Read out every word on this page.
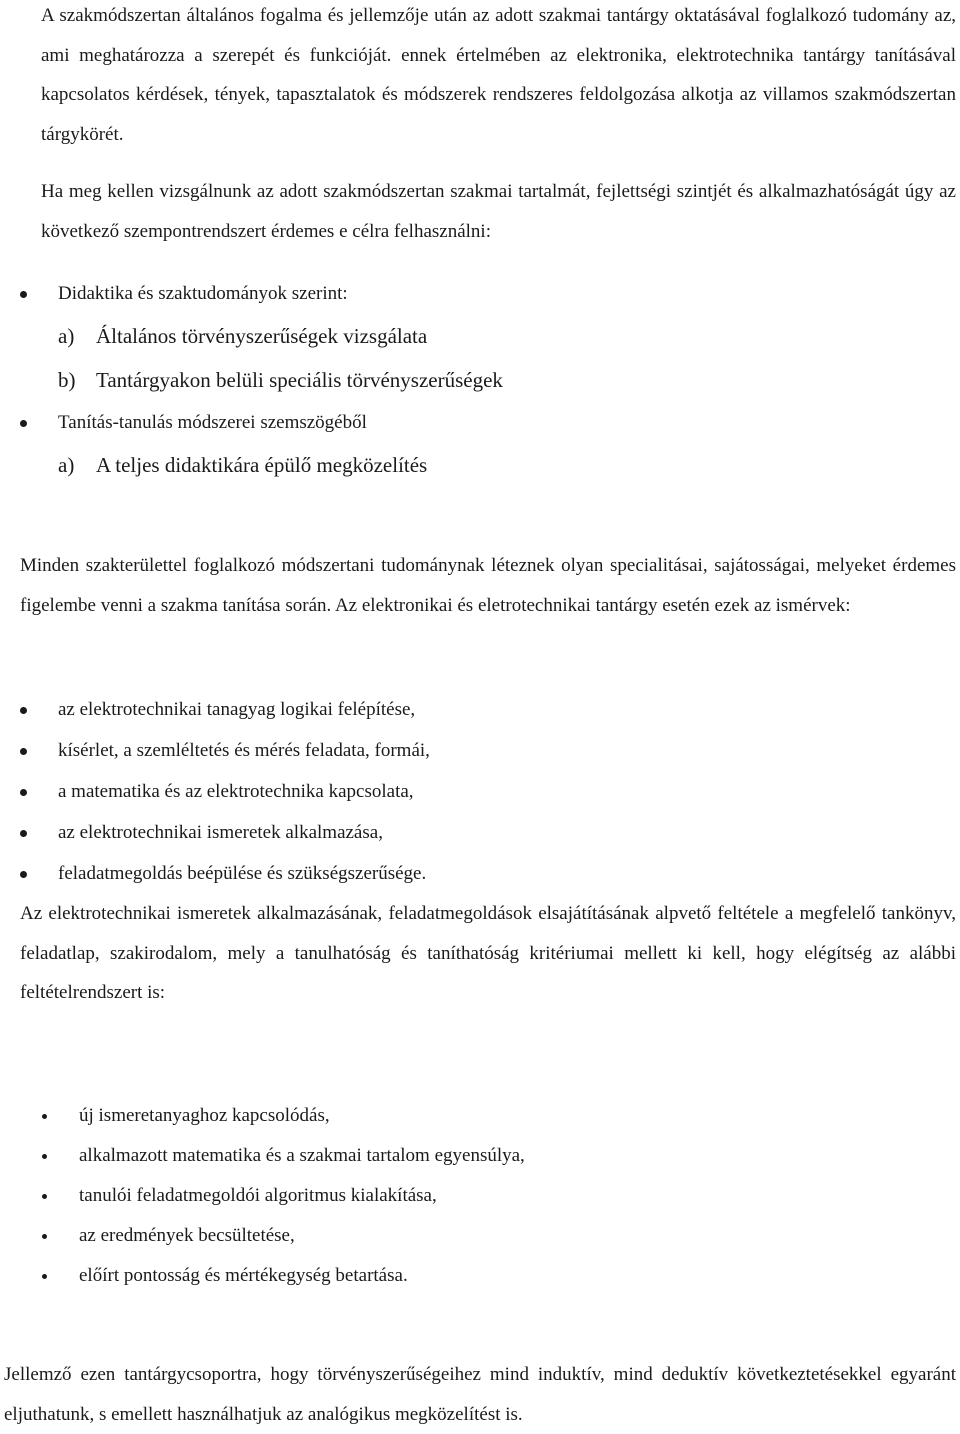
A szakmódszertan általános fogalma és jellemzője után az adott szakmai tantárgy oktatásával foglalkozó tudomány az, ami meghatározza a szerepét és funkcióját. ennek értelmében az elektronika, elektrotechnika tantárgy tanításával kapcsolatos kérdések, tények, tapasztalatok és módszerek rendszeres feldolgozása alkotja az villamos szakmódszertan tárgykörét.

Ha meg kellen vizsgálnunk az adott szakmódszertan szakmai tartalmát, fejlettségi szintjét és alkalmazhatóságát úgy az következő szempontrendszert érdemes e célra felhasználni:

Didaktika és szaktudományok szerint:
a) Általános törvényszerűségek vizsgálata
b) Tantárgyakon belüli speciális törvényszerűségek
Tanítás-tanulás módszerei szemszögéből
a) A teljes didaktikára épülő megközelítés

Minden szakterülettel foglalkozó módszertani tudománynak léteznek olyan specialitásai, sajátosságai, melyeket érdemes figelembe venni a szakma tanítása során. Az elektronikai és eletrotechnikai tantárgy esetén ezek az ismérvek:

az elektrotechnikai tanagyag logikai felépítése,
kísérlet, a szemléltetés és mérés feladata, formái,
a matematika és az elektrotechnika kapcsolata,
az elektrotechnikai ismeretek alkalmazása,
feladatmegoldás beépülése és szükségszerűsége.

Az elektrotechnikai ismeretek alkalmazásának, feladatmegoldások elsajátításának alpvető feltétele a megfelelő tankönyv, feladatlap, szakirodalom, mely a tanulhatóság és taníthatóság kritériumai mellett ki kell, hogy elégítség az alábbi feltételrendszert is:

új ismeretanyaghoz kapcsolódás,
alkalmazott matematika és a szakmai tartalom egyensúlya,
tanulói feladatmegoldói algoritmus kialakítása,
az eredmények becsültetése,
előírt pontosság és mértékegység betartása.

Jellemző ezen tantárgycsoportra, hogy törvényszerűségeihez mind induktív, mind deduktív következtetésekkel egyaránt eljuthatunk, s emellett használhatjuk az analógikus megközelítést is.
